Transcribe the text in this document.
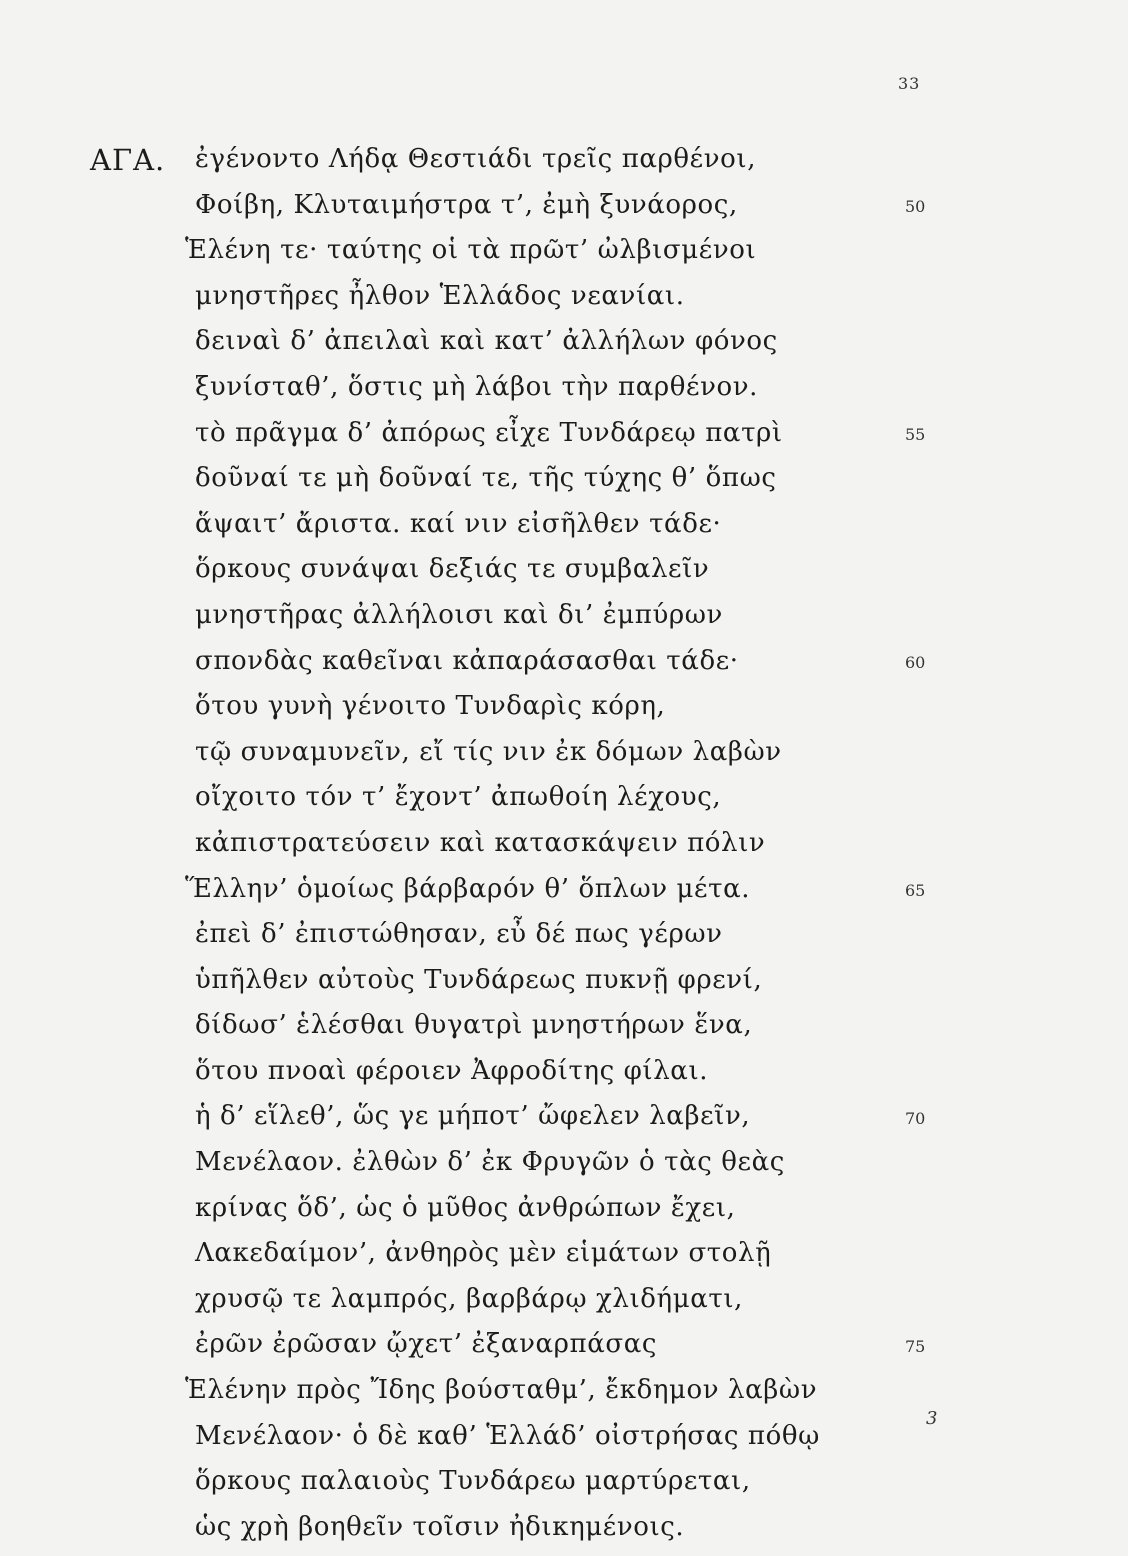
33
ΑΓΑ. ἐγένοντο Λήδᾳ Θεστιάδι τρεῖς παρθένοι,
Φοίβη, Κλυταιμήστρα τ’, ἐμὴ ξυνάορος,
Ἑλένη τε· ταύτης οἱ τὰ πρῶτ’ ὠλβισμένοι
μνηστῆρες ἦλθον Ἑλλάδος νεανίαι.
δειναὶ δ’ ἀπειλαὶ καὶ κατ’ ἀλλήλων φόνος
ξυνίσταθ’, ὅστις μὴ λάβοι τὴν παρθένον.
τὸ πρᾶγμα δ’ ἀπόρως εἶχε Τυνδάρεῳ πατρὶ
δοῦναί τε μὴ δοῦναί τε, τῆς τύχης θ’ ὅπως
ἅψαιτ’ ἄριστα. καί νιν εἰσῆλθεν τάδε·
ὅρκους συνάψαι δεξιάς τε συμβαλεῖν
μνηστῆρας ἀλλήλοισι καὶ δι’ ἐμπύρων
σπονδὰς καθεῖναι κἀπαράσασθαι τάδε·
ὅτου γυνὴ γένοιτο Τυνδαρὶς κόρη,
τῷ συναμυνεῖν, εἴ τίς νιν ἐκ δόμων λαβὼν
οἴχοιτο τόν τ’ ἔχοντ’ ἀπωθοίη λέχους,
κἀπιστρατεύσειν καὶ κατασκάψειν πόλιν
Ἕλλην’ ὁμοίως βάρβαρόν θ’ ὅπλων μέτα.
ἐπεὶ δ’ ἐπιστώθησαν, εὖ δέ πως γέρων
ὑπῆλθεν αὐτοὺς Τυνδάρεως πυκνῇ φρενί,
δίδωσ’ ἑλέσθαι θυγατρὶ μνηστήρων ἕνα,
ὅτου πνοαὶ φέροιεν Ἀφροδίτης φίλαι.
ἡ δ’ εἵλεθ’, ὥς γε μήποτ’ ὤφελεν λαβεῖν,
Μενέλαον. ἐλθὼν δ’ ἐκ Φρυγῶν ὁ τὰς θεὰς
κρίνας ὅδ’, ὡς ὁ μῦθος ἀνθρώπων ἔχει,
Λακεδαίμον’, ἀνθηρὸς μὲν εἱμάτων στολῇ
χρυσῷ τε λαμπρός, βαρβάρῳ χλιδήματι,
ἐρῶν ἐρῶσαν ᾤχετ’ ἐξαναρπάσας
Ἑλένην πρὸς Ἴδης βούσταθμ’, ἔκδημον λαβὼν
Μενέλαον· ὁ δὲ καθ’ Ἑλλάδ’ οἰστρήσας πόθῳ
ὅρκους παλαιοὺς Τυνδάρεω μαρτύρεται,
ὡς χρὴ βοηθεῖν τοῖσιν ἠδικημένοις.
50
55
60
65
70
75
3
